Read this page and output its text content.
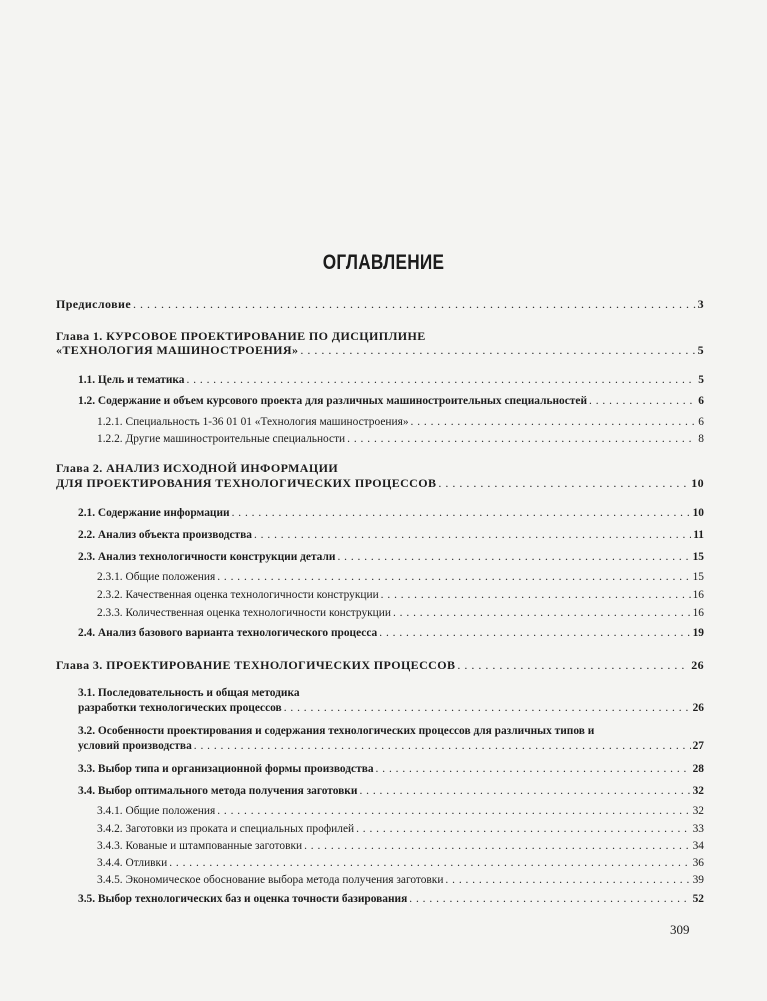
ОГЛАВЛЕНИЕ
Предисловие . . .	3
Глава 1. КУРСОВОЕ ПРОЕКТИРОВАНИЕ ПО ДИСЦИПЛИНЕ
«ТЕХНОЛОГИЯ МАШИНОСТРОЕНИЯ» . . .	5
1.1. Цель и тематика . . .	5
1.2. Содержание и объем курсового проекта для различных машиностроительных специальностей . . .	6
1.2.1. Специальность 1-36 01 01 «Технология машиностроения» . . .	6
1.2.2. Другие машиностроительные специальности . . .	8
Глава 2. АНАЛИЗ ИСХОДНОЙ ИНФОРМАЦИИ
ДЛЯ ПРОЕКТИРОВАНИЯ ТЕХНОЛОГИЧЕСКИХ ПРОЦЕССОВ . . .	10
2.1. Содержание информации . . .	10
2.2. Анализ объекта производства . . .	11
2.3. Анализ технологичности конструкции детали . . .	15
2.3.1. Общие положения . . .	15
2.3.2. Качественная оценка технологичности конструкции . . .	16
2.3.3. Количественная оценка технологичности конструкции . . .	16
2.4. Анализ базового варианта технологического процесса . . .	19
Глава 3. ПРОЕКТИРОВАНИЕ ТЕХНОЛОГИЧЕСКИХ ПРОЦЕССОВ . . .	26
3.1. Последовательность и общая методика
разработки технологических процессов . . .	26
3.2. Особенности проектирования и содержания технологических процессов для различных типов и
условий производства . . .	27
3.3. Выбор типа и организационной формы производства . . .	28
3.4. Выбор оптимального метода получения заготовки . . .	32
3.4.1. Общие положения . . .	32
3.4.2. Заготовки из проката и специальных профилей . . .	33
3.4.3. Кованые и штампованные заготовки . . .	34
3.4.4. Отливки . . .	36
3.4.5. Экономическое обоснование выбора метода получения заготовки . . .	39
3.5. Выбор технологических баз и оценка точности базирования . . .	52
309
